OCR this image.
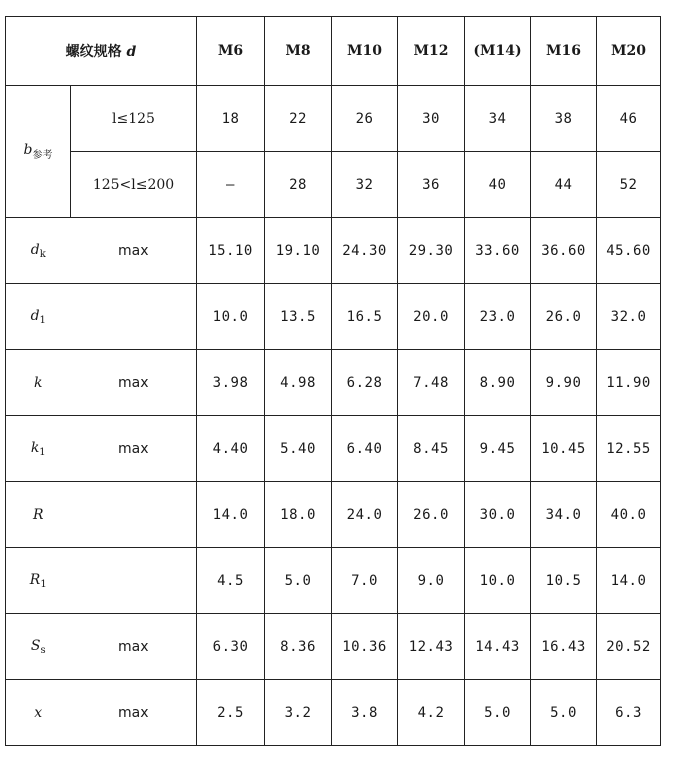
螺纹规格 d		M6	M8	M10	M12	(M14)	M16	M20
$b_{参考}$	l≤125	18	22	26	30	34	38	46
	125<l≤200	—	28	32	36	40	44	52
$d_k$	max	15.10	19.10	24.30	29.30	33.60	36.60	45.60
$d_1$		10.0	13.5	16.5	20.0	23.0	26.0	32.0
k	max	3.98	4.98	6.28	7.48	8.90	9.90	11.90
$k_1$	max	4.40	5.40	6.40	8.45	9.45	10.45	12.55
R		14.0	18.0	24.0	26.0	30.0	34.0	40.0
$R_1$		4.5	5.0	7.0	9.0	10.0	10.5	14.0
$S_s$	max	6.30	8.36	10.36	12.43	14.43	16.43	20.52
x	max	2.5	3.2	3.8	4.2	5.0	5.0	6.3
